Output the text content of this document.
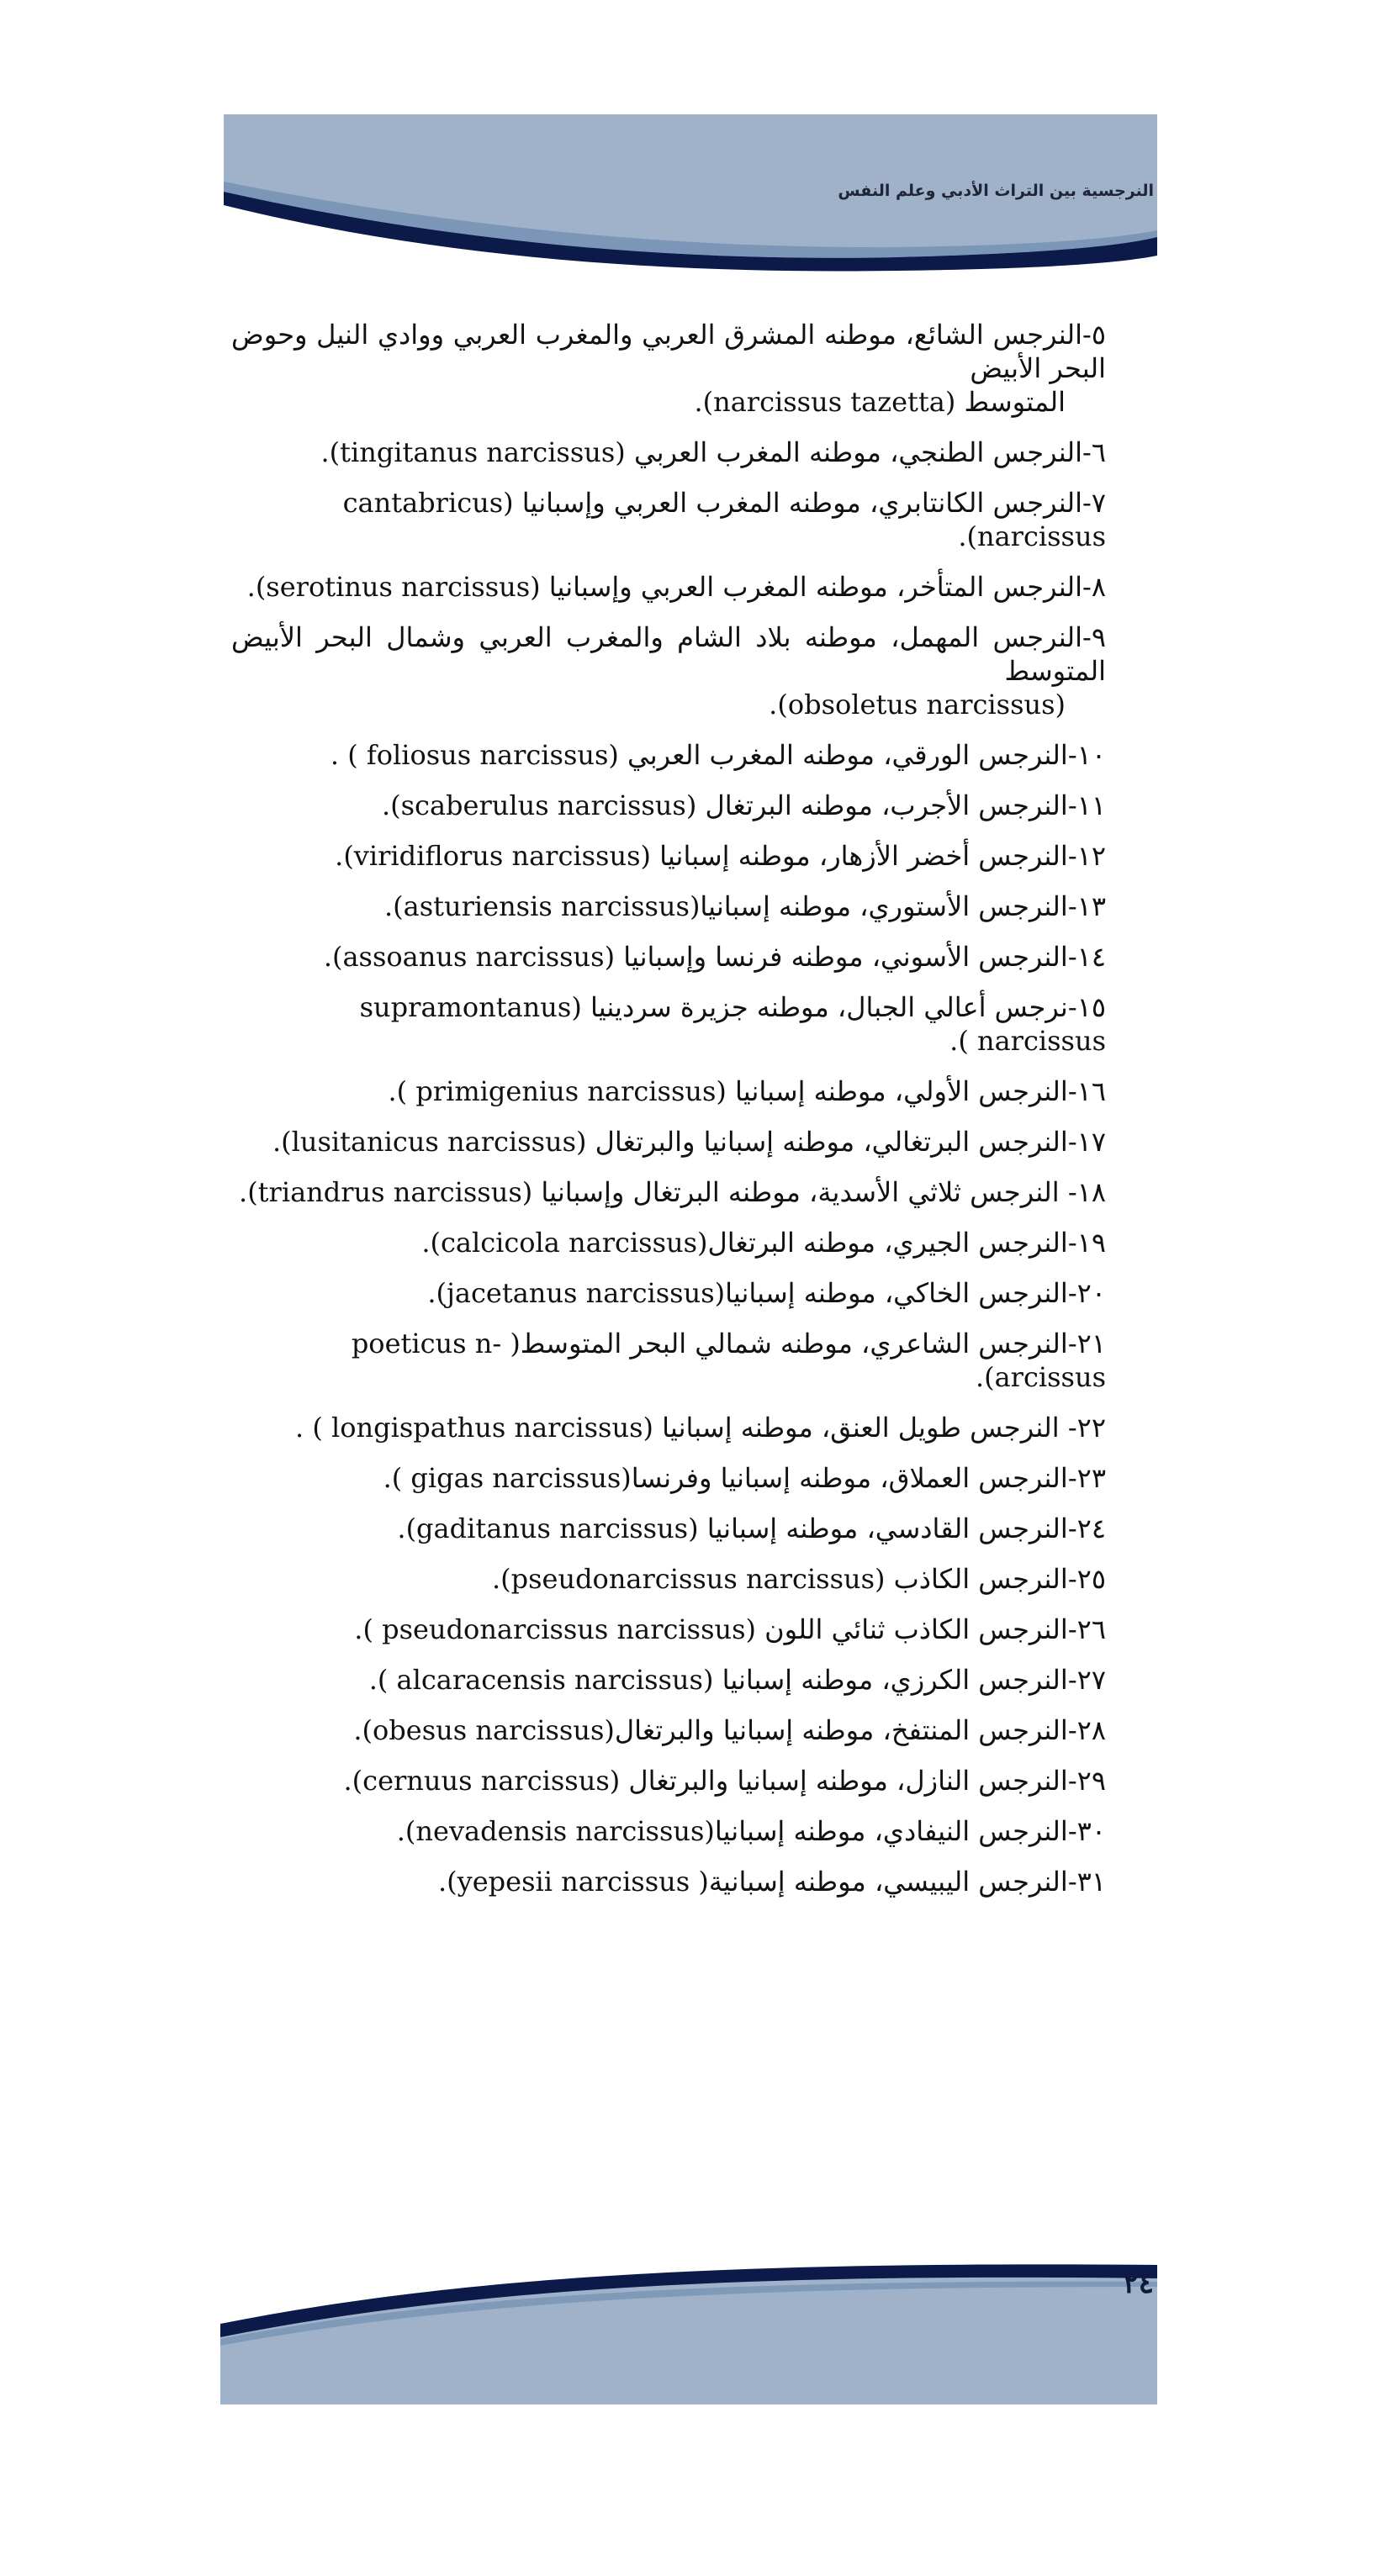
النرجسية بين التراث الأدبي وعلم النفس
٥-النرجس الشائع، موطنه المشرق العربي والمغرب العربي ووادي النيل وحوض البحر الأبيض
المتوسط (narcissus tazetta).
٦-النرجس الطنجي، موطنه المغرب العربي (tingitanus narcissus).
٧-النرجس الكانتابري، موطنه المغرب العربي وإسبانيا (cantabricus narcissus).
٨-النرجس المتأخر، موطنه المغرب العربي وإسبانيا (serotinus narcissus).
٩-النرجس المهمل، موطنه بلاد الشام والمغرب العربي وشمال البحر الأبيض المتوسط
(obsoletus narcissus).
١٠-النرجس الورقي، موطنه المغرب العربي (foliosus narcissus ) .
١١-النرجس الأجرب، موطنه البرتغال (scaberulus narcissus).
١٢-النرجس أخضر الأزهار، موطنه إسبانيا (viridiflorus narcissus).
١٣-النرجس الأستوري، موطنه إسبانيا(asturiensis narcissus).
١٤-النرجس الأسوني، موطنه فرنسا وإسبانيا (assoanus narcissus).
١٥-نرجس أعالي الجبال، موطنه جزيرة سردينيا (supramontanus narcissus ).
١٦-النرجس الأولي، موطنه إسبانيا (primigenius narcissus ).
١٧-النرجس البرتغالي، موطنه إسبانيا والبرتغال (lusitanicus narcissus).
١٨- النرجس ثلاثي الأسدية، موطنه البرتغال وإسبانيا (triandrus narcissus).
١٩-النرجس الجيري، موطنه البرتغال(calcicola narcissus).
٢٠-النرجس الخاكي، موطنه إسبانيا(jacetanus narcissus).
٢١-النرجس الشاعري، موطنه شمالي البحر المتوسط( poeticus n-arcissus).
٢٢- النرجس طويل العنق، موطنه إسبانيا (longispathus narcissus ) .
٢٣-النرجس العملاق، موطنه إسبانيا وفرنسا(gigas narcissus ).
٢٤-النرجس القادسي، موطنه إسبانيا (gaditanus narcissus).
٢٥-النرجس الكاذب (pseudonarcissus narcissus).
٢٦-النرجس الكاذب ثنائي اللون (pseudonarcissus narcissus ).
٢٧-النرجس الكرزي، موطنه إسبانيا (alcaracensis narcissus ).
٢٨-النرجس المنتفخ، موطنه إسبانيا والبرتغال(obesus narcissus).
٢٩-النرجس النازل، موطنه إسبانيا والبرتغال (cernuus narcissus).
٣٠-النرجس النيفادي، موطنه إسبانيا(nevadensis narcissus).
٣١-النرجس اليبيسي، موطنه إسبانية( yepesii narcissus).
٢٤
